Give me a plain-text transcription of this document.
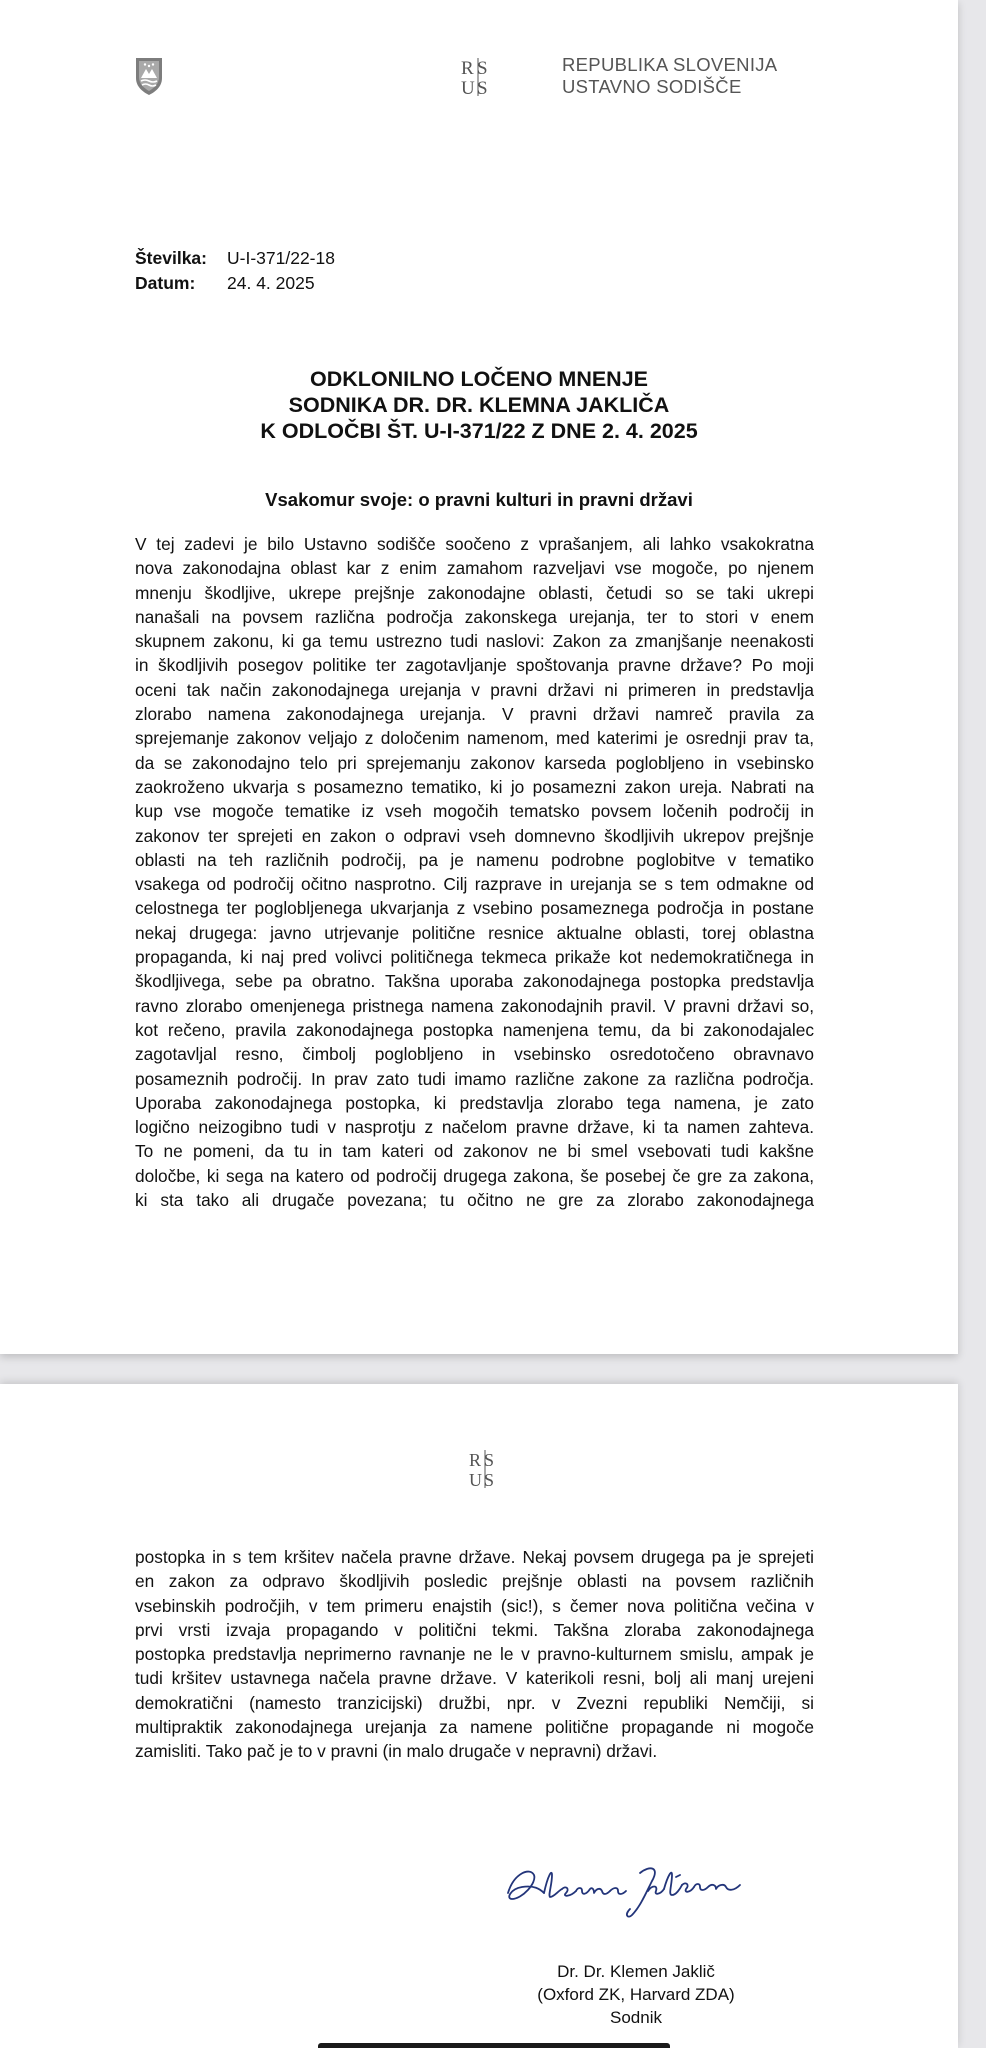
R S
U S
REPUBLIKA SLOVENIJA
USTAVNO SODIŠČE
Številka:	U-I-371/22-18
Datum:	24. 4. 2025
ODKLONILNO LOČENO MNENJE
SODNIKA DR. DR. KLEMNA JAKLIČA
K ODLOČBI ŠT. U-I-371/22 Z DNE 2. 4. 2025
Vsakomur svoje: o pravni kulturi in pravni državi
V tej zadevi je bilo Ustavno sodišče soočeno z vprašanjem, ali lahko vsakokratna
nova zakonodajna oblast kar z enim zamahom razveljavi vse mogoče, po njenem
mnenju škodljive, ukrepe prejšnje zakonodajne oblasti, četudi so se taki ukrepi
nanašali na povsem različna področja zakonskega urejanja, ter to stori v enem
skupnem zakonu, ki ga temu ustrezno tudi naslovi: Zakon za zmanjšanje neenakosti
in škodljivih posegov politike ter zagotavljanje spoštovanja pravne države? Po moji
oceni tak način zakonodajnega urejanja v pravni državi ni primeren in predstavlja
zlorabo namena zakonodajnega urejanja. V pravni državi namreč pravila za
sprejemanje zakonov veljajo z določenim namenom, med katerimi je osrednji prav ta,
da se zakonodajno telo pri sprejemanju zakonov karseda poglobljeno in vsebinsko
zaokroženo ukvarja s posamezno tematiko, ki jo posamezni zakon ureja. Nabrati na
kup vse mogoče tematike iz vseh mogočih tematsko povsem ločenih področij in
zakonov ter sprejeti en zakon o odpravi vseh domnevno škodljivih ukrepov prejšnje
oblasti na teh različnih področij, pa je namenu podrobne poglobitve v tematiko
vsakega od področij očitno nasprotno. Cilj razprave in urejanja se s tem odmakne od
celostnega ter poglobljenega ukvarjanja z vsebino posameznega področja in postane
nekaj drugega: javno utrjevanje politične resnice aktualne oblasti, torej oblastna
propaganda, ki naj pred volivci političnega tekmeca prikaže kot nedemokratičnega in
škodljivega, sebe pa obratno. Takšna uporaba zakonodajnega postopka predstavlja
ravno zlorabo omenjenega pristnega namena zakonodajnih pravil. V pravni državi so,
kot rečeno, pravila zakonodajnega postopka namenjena temu, da bi zakonodajalec
zagotavljal resno, čimbolj poglobljeno in vsebinsko osredotočeno obravnavo
posameznih področij. In prav zato tudi imamo različne zakone za različna področja.
Uporaba zakonodajnega postopka, ki predstavlja zlorabo tega namena, je zato
logično neizogibno tudi v nasprotju z načelom pravne države, ki ta namen zahteva.
To ne pomeni, da tu in tam kateri od zakonov ne bi smel vsebovati tudi kakšne
določbe, ki sega na katero od področij drugega zakona, še posebej če gre za zakona,
ki sta tako ali drugače povezana; tu očitno ne gre za zlorabo zakonodajnega
R S
U S
postopka in s tem kršitev načela pravne države. Nekaj povsem drugega pa je sprejeti
en zakon za odpravo škodljivih posledic prejšnje oblasti na povsem različnih
vsebinskih področjih, v tem primeru enajstih (sic!), s čemer nova politična večina v
prvi vrsti izvaja propagando v politični tekmi. Takšna zloraba zakonodajnega
postopka predstavlja neprimerno ravnanje ne le v pravno-kulturnem smislu, ampak je
tudi kršitev ustavnega načela pravne države. V katerikoli resni, bolj ali manj urejeni
demokratični (namesto tranzicijski) družbi, npr. v Zvezni republiki Nemčiji, si
multipraktik zakonodajnega urejanja za namene politične propagande ni mogoče
zamisliti. Tako pač je to v pravni (in malo drugače v nepravni) državi.
Dr. Dr. Klemen Jaklič
(Oxford ZK, Harvard ZDA)
Sodnik
